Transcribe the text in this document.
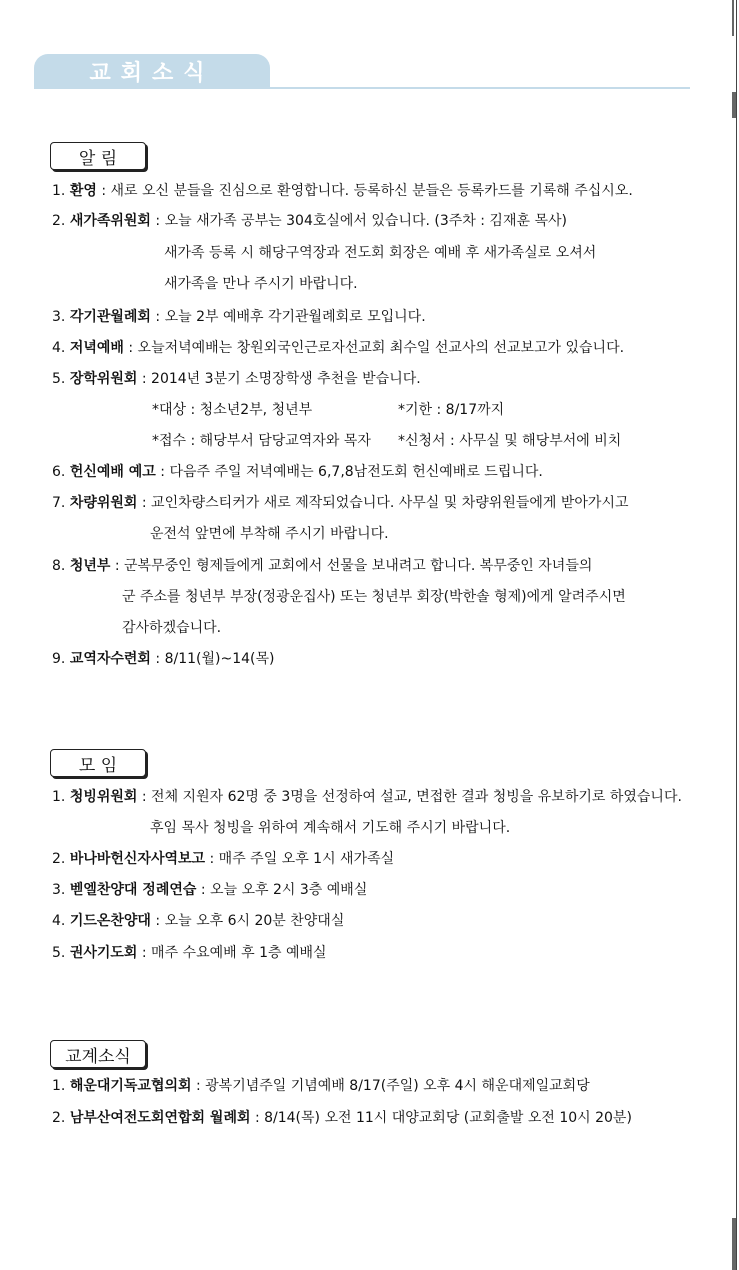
교회소식
알 림
1. 환영 : 새로 오신 분들을 진심으로 환영합니다. 등록하신 분들은 등록카드를 기록해 주십시오.
2. 새가족위원회 : 오늘 새가족 공부는 304호실에서 있습니다. (3주차 : 김재훈 목사)
새가족 등록 시 해당구역장과 전도회 회장은 예배 후 새가족실로 오셔서
새가족을 만나 주시기 바랍니다.
3. 각기관월례회 : 오늘 2부 예배후 각기관월례회로 모입니다.
4. 저녁예배 : 오늘저녁예배는 창원외국인근로자선교회 최수일 선교사의 선교보고가 있습니다.
5. 장학위원회 : 2014년 3분기 소명장학생 추천을 받습니다.
*대상 : 청소년2부, 청년부	*기한 : 8/17까지
*접수 : 해당부서 담당교역자와 목자 *신청서 : 사무실 및 해당부서에 비치
6. 헌신예배 예고 : 다음주 주일 저녁예배는 6,7,8남전도회 헌신예배로 드립니다.
7. 차량위원회 : 교인차량스티커가 새로 제작되었습니다. 사무실 및 차량위원들에게 받아가시고
운전석 앞면에 부착해 주시기 바랍니다.
8. 청년부 : 군복무중인 형제들에게 교회에서 선물을 보내려고 합니다. 복무중인 자녀들의
군 주소를 청년부 부장(정광운집사) 또는 청년부 회장(박한솔 형제)에게 알려주시면
감사하겠습니다.
9. 교역자수련회 : 8/11(월)~14(목)
모 임
1. 청빙위원회 : 전체 지원자 62명 중 3명을 선정하여 설교, 면접한 결과 청빙을 유보하기로 하였습니다.
후임 목사 청빙을 위하여 계속해서 기도해 주시기 바랍니다.
2. 바나바헌신자사역보고 : 매주 주일 오후 1시 새가족실
3. 벧엘찬양대 정례연습 : 오늘 오후 2시 3층 예배실
4. 기드온찬양대 : 오늘 오후 6시 20분 찬양대실
5. 권사기도회 : 매주 수요예배 후 1층 예배실
교계소식
1. 해운대기독교협의회 : 광복기념주일 기념예배 8/17(주일) 오후 4시 해운대제일교회당
2. 남부산여전도회연합회 월례회 : 8/14(목) 오전 11시 대양교회당 (교회출발 오전 10시 20분)
